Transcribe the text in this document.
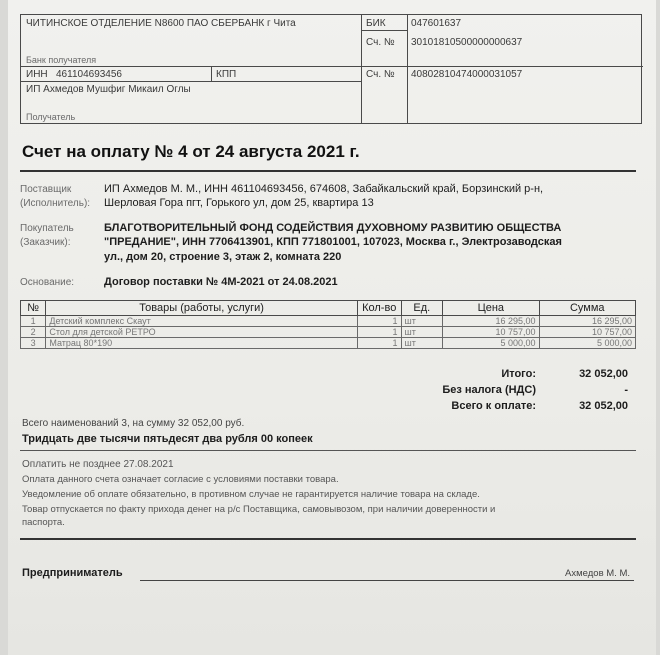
ЧИТИНСКОЕ ОТДЕЛЕНИЕ N8600 ПАО СБЕРБАНК г Чита
Банк получателя
БИК	047601637
Сч. № 30101810500000000637
ИНН 461104693456	КПП	Сч. № 40802810474000031057
ИП Ахмедов Мушфиг Микаил Оглы
Получатель
Счет на оплату № 4 от 24 августа 2021 г.
Поставщик
(Исполнитель):
ИП Ахмедов М. М., ИНН 461104693456, 674608, Забайкальский край, Борзинский р-н,
Шерловая Гора пгт, Горького ул, дом 25, квартира 13
Покупатель
(Заказчик):
БЛАГОТВОРИТЕЛЬНЫЙ ФОНД СОДЕЙСТВИЯ ДУХОВНОМУ РАЗВИТИЮ ОБЩЕСТВА
"ПРЕДАНИЕ", ИНН 7706413901, КПП 771801001, 107023, Москва г., Электрозаводская
ул., дом 20, строение 3, этаж 2, комната 220
Основание:	Договор поставки № 4М-2021 от 24.08.2021
№	Товары (работы, услуги)	Кол-во	Ед.	Цена	Сумма
1	Детский комплекс Скаут	1	шт	16 295,00	16 295,00
2	Стол для детской РЕТРО	1	шт	10 757,00	10 757,00
3	Матрац 80*190	1	шт	5 000,00	5 000,00
Итого:	32 052,00
Без налога (НДС)	-
Всего к оплате:	32 052,00
Всего наименований 3, на сумму 32 052,00 руб.
Тридцать две тысячи пятьдесят два рубля 00 копеек
Оплатить не позднее 27.08.2021
Оплата данного счета означает согласие с условиями поставки товара.
Уведомление об оплате обязательно, в противном случае не гарантируется наличие товара на складе.
Товар отпускается по факту прихода денег на р/с Поставщика, самовывозом, при наличии доверенности и
паспорта.
Предприниматель	Ахмедов М. М.
